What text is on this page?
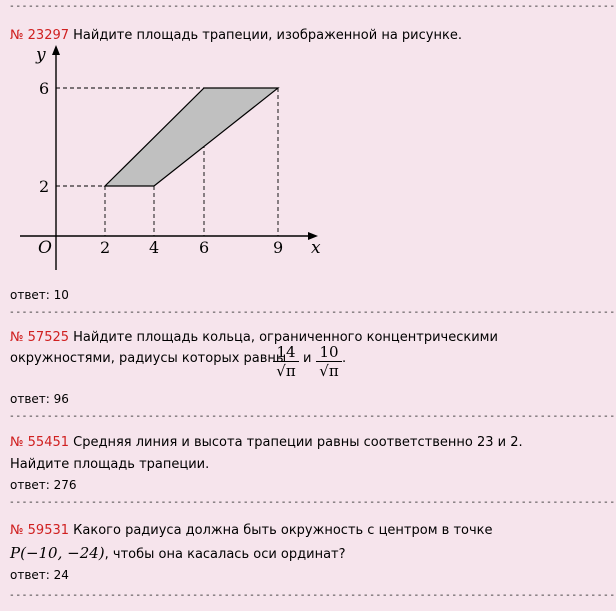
------------------------------------------------------------------------------------------------
№ 23297 Найдите площадь трапеции, изображенной на рисунке.
x
y
O	2 4 6	9
2
6
ответ: 10
------------------------------------------------------------------------------------------------
№ 57525 Найдите площадь кольца, ограниченного концентрическими
окружностями, радиусы которых равны
14
√π
и 10
√π
.
ответ: 96
------------------------------------------------------------------------------------------------
№ 55451 Средняя линия и высота трапеции равны соответственно 23 и 2.
Найдите площадь трапеции.
ответ: 276
------------------------------------------------------------------------------------------------
№ 59531 Какого радиуса должна быть окружность с центром в точке
P(−10, −24), чтобы она касалась оси ординат?
ответ: 24
------------------------------------------------------------------------------------------------
